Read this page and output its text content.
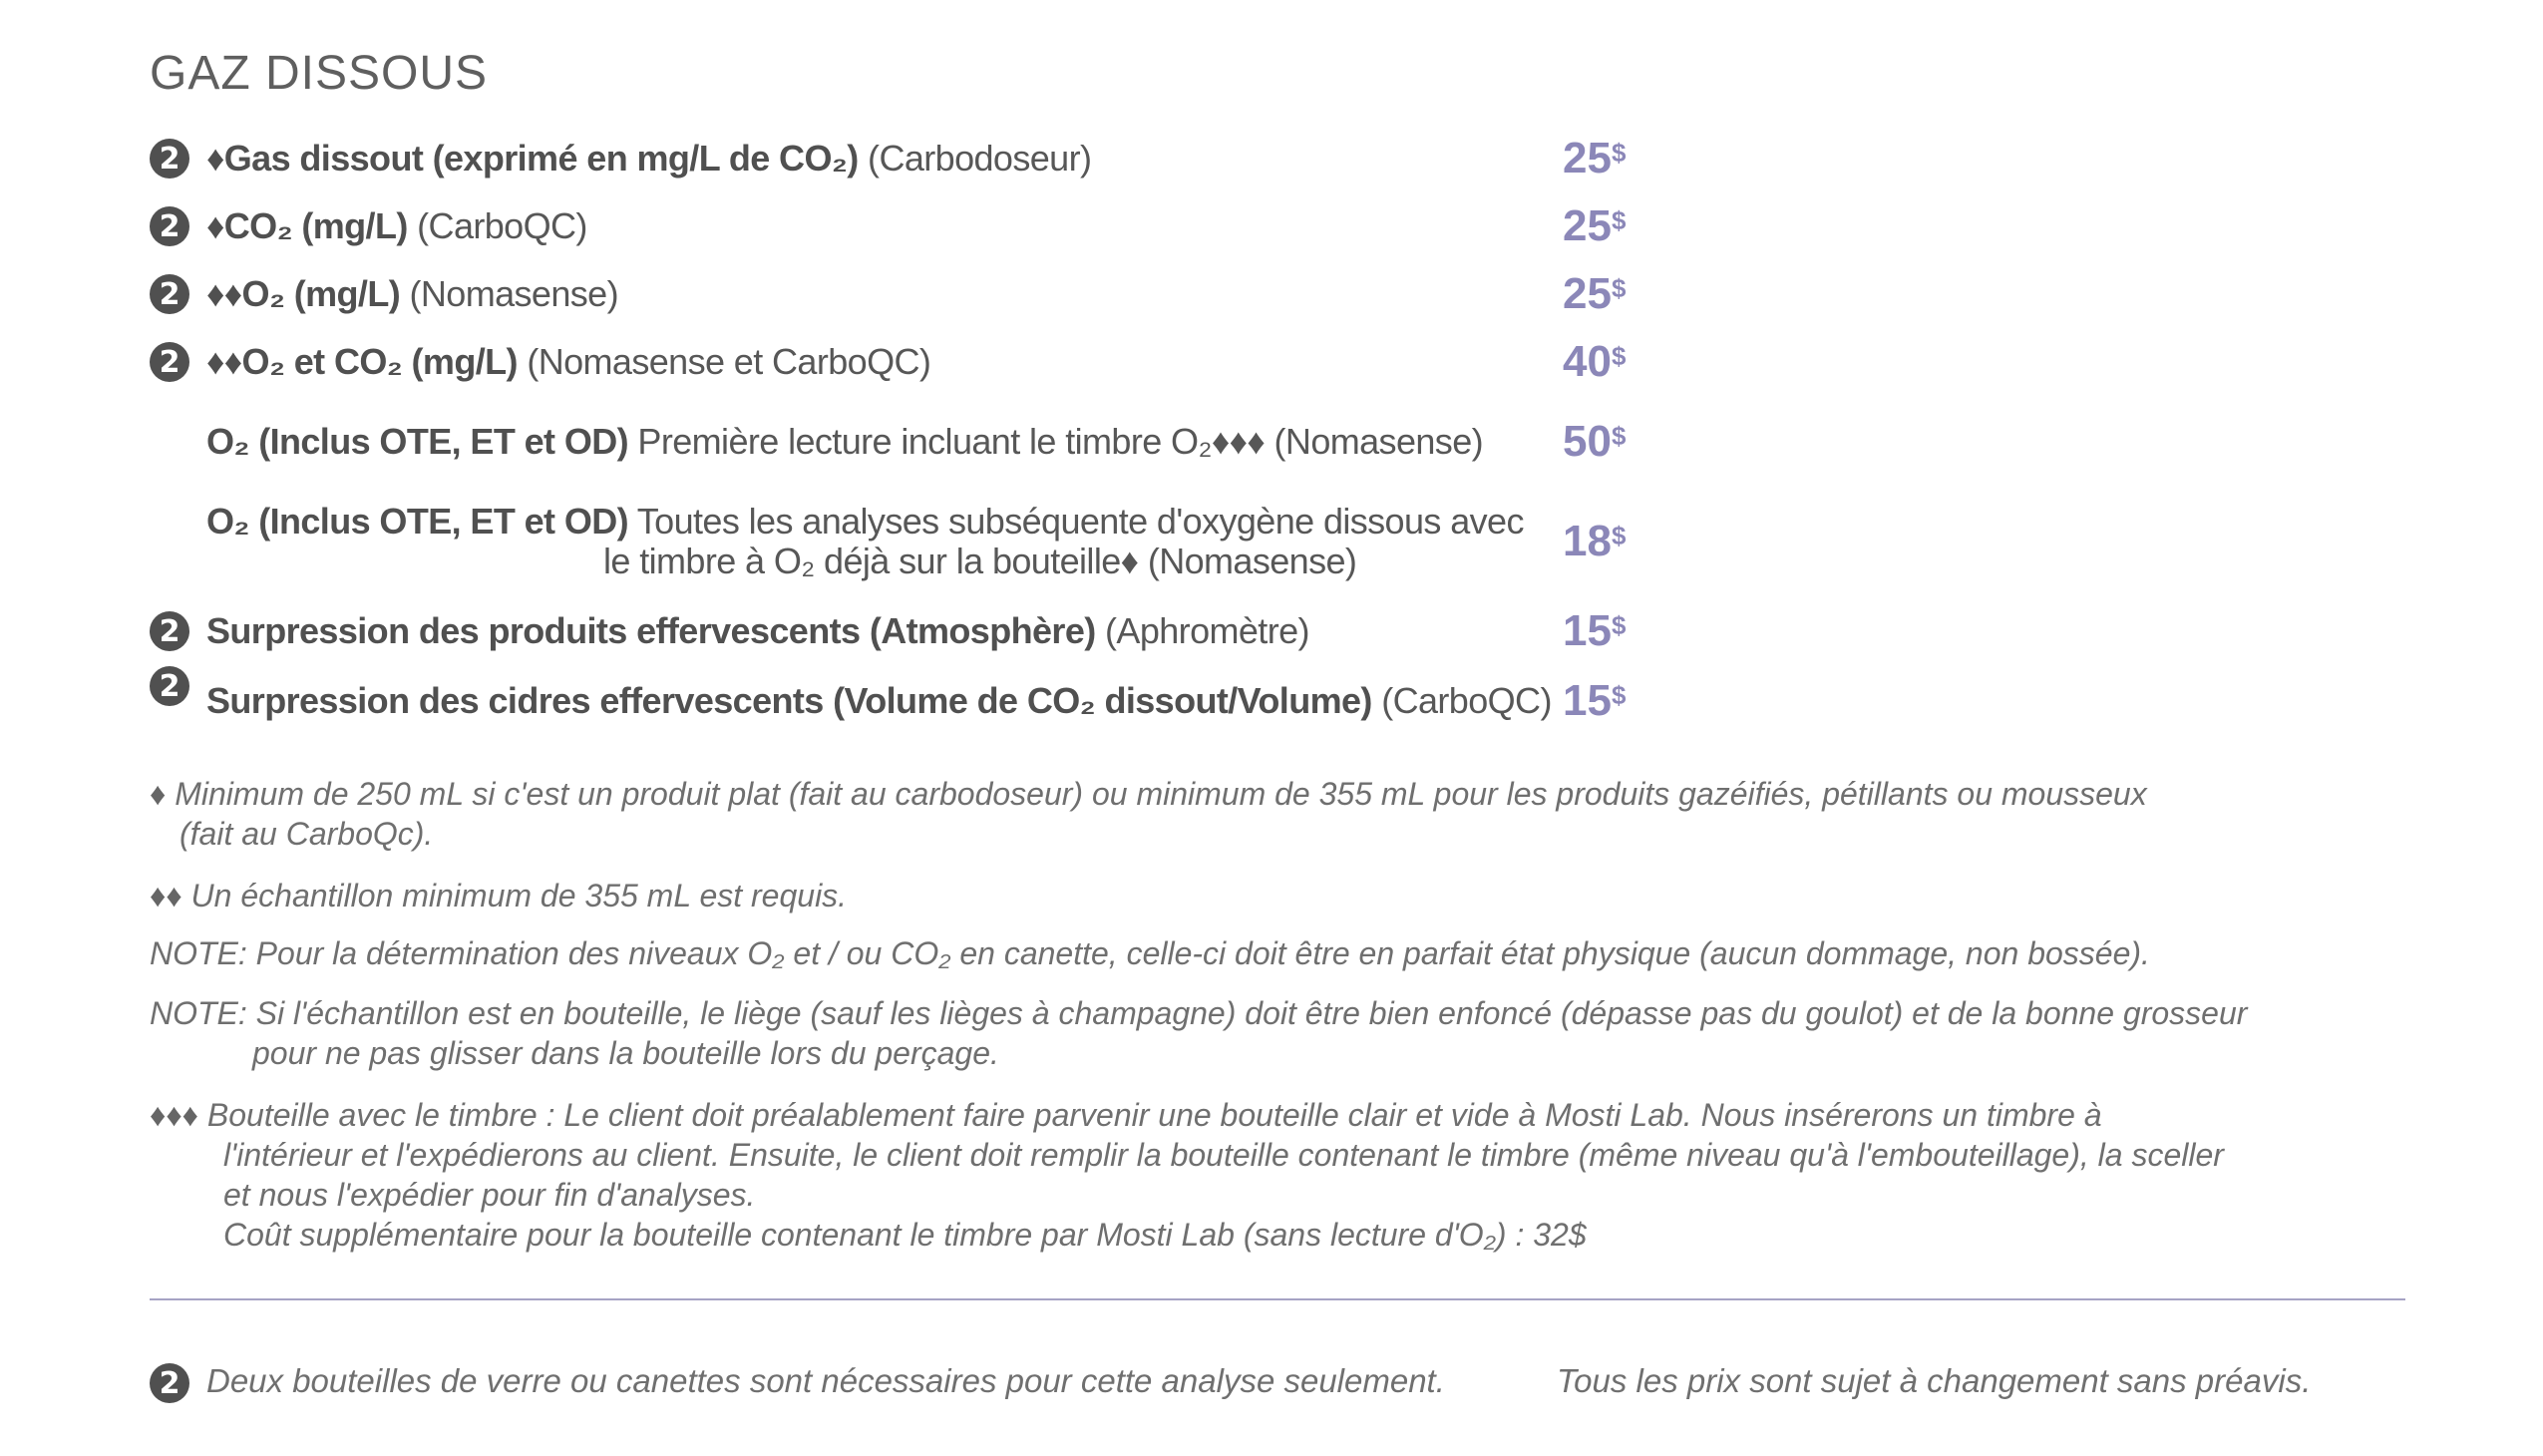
GAZ DISSOUS
2 ♦Gas dissout (exprimé en mg/L de CO₂) (Carbodoseur)	25$
2 ♦CO₂ (mg/L) (CarboQC)	25$
2 ♦♦O₂ (mg/L) (Nomasense)	25$
2 ♦♦O₂ et CO₂ (mg/L) (Nomasense et CarboQC)	40$
O₂ (Inclus OTE, ET et OD) Première lecture incluant le timbre O₂♦♦♦ (Nomasense) 50$
O₂ (Inclus OTE, ET et OD) Toutes les analyses subséquente d'oxygène dissous avec
le timbre à O₂ déjà sur la bouteille♦ (Nomasense)	18$
2 Surpression des produits effervescents (Atmosphère) (Aphromètre)	15$
2 Surpression des cidres effervescents (Volume de CO₂ dissout/Volume) (CarboQC) 15$
♦ Minimum de 250 mL si c'est un produit plat (fait au carbodoseur) ou minimum de 355 mL pour les produits gazéifiés, pétillants ou mousseux
(fait au CarboQc).
♦♦ Un échantillon minimum de 355 mL est requis.
NOTE: Pour la détermination des niveaux O₂ et / ou CO₂ en canette, celle-ci doit être en parfait état physique (aucun dommage, non bossée).
NOTE: Si l'échantillon est en bouteille, le liège (sauf les lièges à champagne) doit être bien enfoncé (dépasse pas du goulot) et de la bonne grosseur
pour ne pas glisser dans la bouteille lors du perçage.
♦♦♦ Bouteille avec le timbre : Le client doit préalablement faire parvenir une bouteille clair et vide à Mosti Lab. Nous insérerons un timbre à
l'intérieur et l'expédierons au client. Ensuite, le client doit remplir la bouteille contenant le timbre (même niveau qu'à l'embouteillage), la sceller
et nous l'expédier pour fin d'analyses.
Coût supplémentaire pour la bouteille contenant le timbre par Mosti Lab (sans lecture d'O₂) : 32$
2 Deux bouteilles de verre ou canettes sont nécessaires pour cette analyse seulement.	Tous les prix sont sujet à changement sans préavis.
